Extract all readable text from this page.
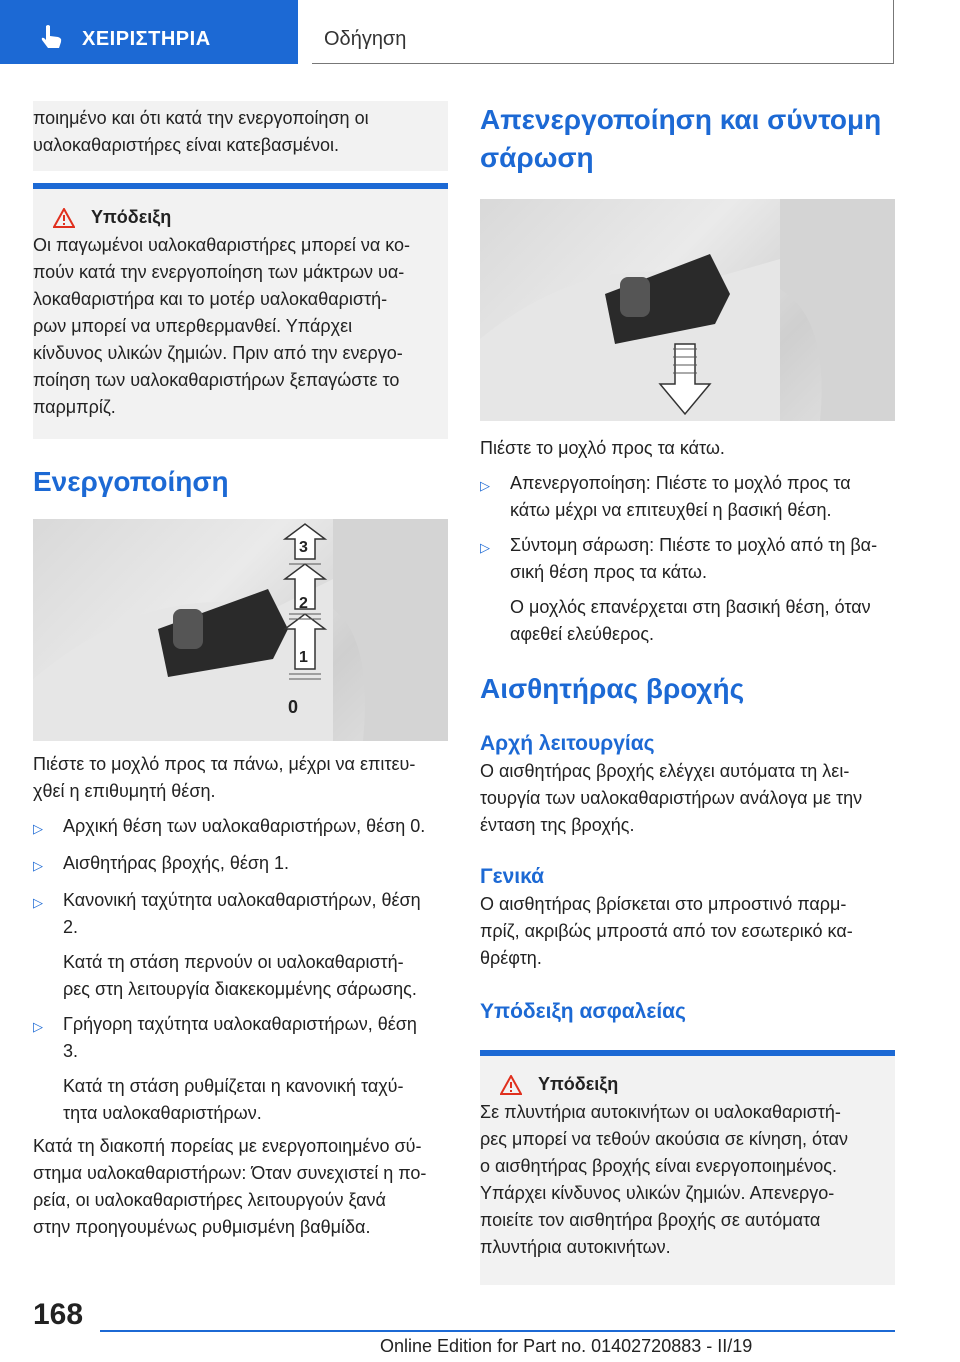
ΧΕΙΡΙΣΤΗΡΙΑ	Οδήγηση

ποιημένο και ότι κατά την ενεργοποίηση οι

υαλοκαθαριστήρες είναι κατεβασμένοι.

Υπόδειξη

Οι παγωμένοι υαλοκαθαριστήρες μπορεί να κο-

πούν κατά την ενεργοποίηση των μάκτρων υα-

λοκαθαριστήρα και το μοτέρ υαλοκαθαριστή-

ρων μπορεί να υπερθερμανθεί. Υπάρχει

κίνδυνος υλικών ζημιών. Πριν από την ενεργο-

ποίηση των υαλοκαθαριστήρων ξεπαγώστε το

παρμπρίζ.

Ενεργοποίηση
1
2
3
0

Πιέστε το μοχλό προς τα πάνω, μέχρι να επιτευ-

χθεί η επιθυμητή θέση.

▷	Αρχική θέση των υαλοκαθαριστήρων, θέση 0.
▷	Αισθητήρας βροχής, θέση 1.
▷	Κανονική ταχύτητα υαλοκαθαριστήρων, θέση
2.
Κατά τη στάση περνούν οι υαλοκαθαριστή-
ρες στη λειτουργία διακεκομμένης σάρωσης.
▷	Γρήγορη ταχύτητα υαλοκαθαριστήρων, θέση
3.
Κατά τη στάση ρυθμίζεται η κανονική ταχύ-
τητα υαλοκαθαριστήρων.

Κατά τη διακοπή πορείας με ενεργοποιημένο σύ-

στημα υαλοκαθαριστήρων: Όταν συνεχιστεί η πο-

ρεία, οι υαλοκαθαριστήρες λειτουργούν ξανά

στην προηγουμένως ρυθμισμένη βαθμίδα.

Απενεργοποίηση και σύντομη
σάρωση

Πιέστε το μοχλό προς τα κάτω.

▷	Απενεργοποίηση: Πιέστε το μοχλό προς τα
κάτω μέχρι να επιτευχθεί η βασική θέση.
▷	Σύντομη σάρωση: Πιέστε το μοχλό από τη βα-
σική θέση προς τα κάτω.
Ο μοχλός επανέρχεται στη βασική θέση, όταν
αφεθεί ελεύθερος.
Αισθητήρας βροχής
Αρχή λειτουργίας

Ο αισθητήρας βροχής ελέγχει αυτόματα τη λει-

τουργία των υαλοκαθαριστήρων ανάλογα με την

ένταση της βροχής.

Γενικά

Ο αισθητήρας βρίσκεται στο μπροστινό παρμ-

πρίζ, ακριβώς μπροστά από τον εσωτερικό κα-

θρέφτη.

Υπόδειξη ασφαλείας
Υπόδειξη

Σε πλυντήρια αυτοκινήτων οι υαλοκαθαριστή-

ρες μπορεί να τεθούν ακούσια σε κίνηση, όταν

ο αισθητήρας βροχής είναι ενεργοποιημένος.

Υπάρχει κίνδυνος υλικών ζημιών. Απενεργο-

ποιείτε τον αισθητήρα βροχής σε αυτόματα

πλυντήρια αυτοκινήτων.

168
Online Edition for Part no. 01402720883 - II/19
